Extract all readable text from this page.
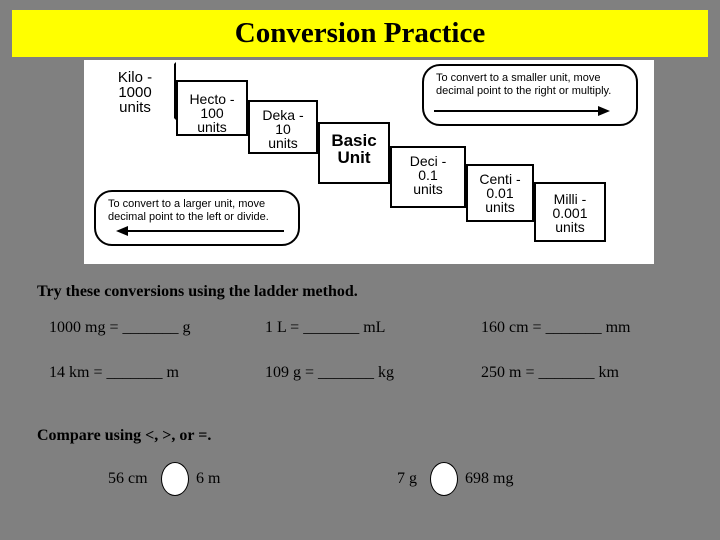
Conversion Practice
Kilo -
1000
units	Hecto -
100
units
Deka -
10
units	Basic
Unit	Deci -
0.1
units
Centi -
0.01
units	Milli -
0.001
units
To convert to a smaller unit, move
decimal point to the right or multiply.
To convert to a larger unit, move
decimal point to the left or divide.
Try these conversions using the ladder method.
1000 mg = _______ g	1 L = _______ mL	160 cm = _______ mm
14 km = _______ m	109 g = _______ kg	250 m = _______ km
Compare using <, >, or =.
56 cm	6 m	7 g	698 mg
